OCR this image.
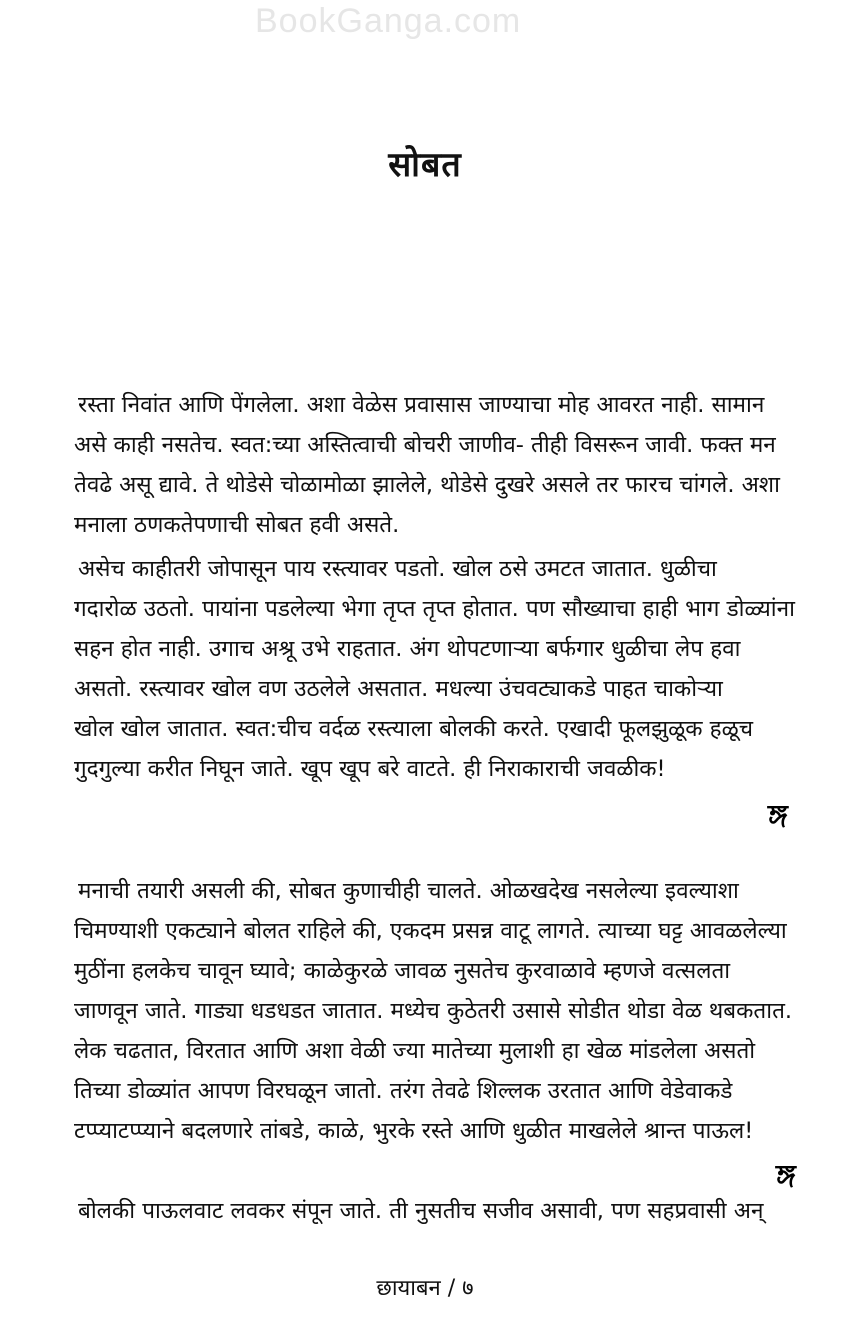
BookGanga.com
सोबत
रस्ता निवांत आणि पेंगलेला. अशा वेळेस प्रवासास जाण्याचा मोह आवरत नाही. सामान
असे काही नसतेच. स्वत:च्या अस्तित्वाची बोचरी जाणीव- तीही विसरून जावी. फक्त मन
तेवढे असू द्यावे. ते थोडेसे चोळामोळा झालेले, थोडेसे दुखरे असले तर फारच चांगले. अशा
मनाला ठणकतेपणाची सोबत हवी असते.
असेच काहीतरी जोपासून पाय रस्त्यावर पडतो. खोल ठसे उमटत जातात. धुळीचा
गदारोळ उठतो. पायांना पडलेल्या भेगा तृप्त तृप्त होतात. पण सौख्याचा हाही भाग डोळ्यांना
सहन होत नाही. उगाच अश्रू उभे राहतात. अंग थोपटणाऱ्या बर्फगार धुळीचा लेप हवा
असतो. रस्त्यावर खोल वण उठलेले असतात. मधल्या उंचवट्याकडे पाहत चाकोऱ्या
खोल खोल जातात. स्वत:चीच वर्दळ रस्त्याला बोलकी करते. एखादी फूलझुळूक हळूच
गुदगुल्या करीत निघून जाते. खूप खूप बरे वाटते. ही निराकाराची जवळीक!
ঙ্গ
मनाची तयारी असली की, सोबत कुणाचीही चालते. ओळखदेख नसलेल्या इवल्याशा
चिमण्याशी एकट्याने बोलत राहिले की, एकदम प्रसन्न वाटू लागते. त्याच्या घट्ट आवळलेल्या
मुठींना हलकेच चावून घ्यावे; काळेकुरळे जावळ नुसतेच कुरवाळावे म्हणजे वत्सलता
जाणवून जाते. गाड्या धडधडत जातात. मध्येच कुठेतरी उसासे सोडीत थोडा वेळ थबकतात.
लेक चढतात, विरतात आणि अशा वेळी ज्या मातेच्या मुलाशी हा खेळ मांडलेला असतो
तिच्या डोळ्यांत आपण विरघळून जातो. तरंग तेवढे शिल्लक उरतात आणि वेडेवाकडे
टप्प्याटप्प्याने बदलणारे तांबडे, काळे, भुरके रस्ते आणि धुळीत माखलेले श्रान्त पाऊल!
ঙ্গ
बोलकी पाऊलवाट लवकर संपून जाते. ती नुसतीच सजीव असावी, पण सहप्रवासी अन्
छायाबन / ७
